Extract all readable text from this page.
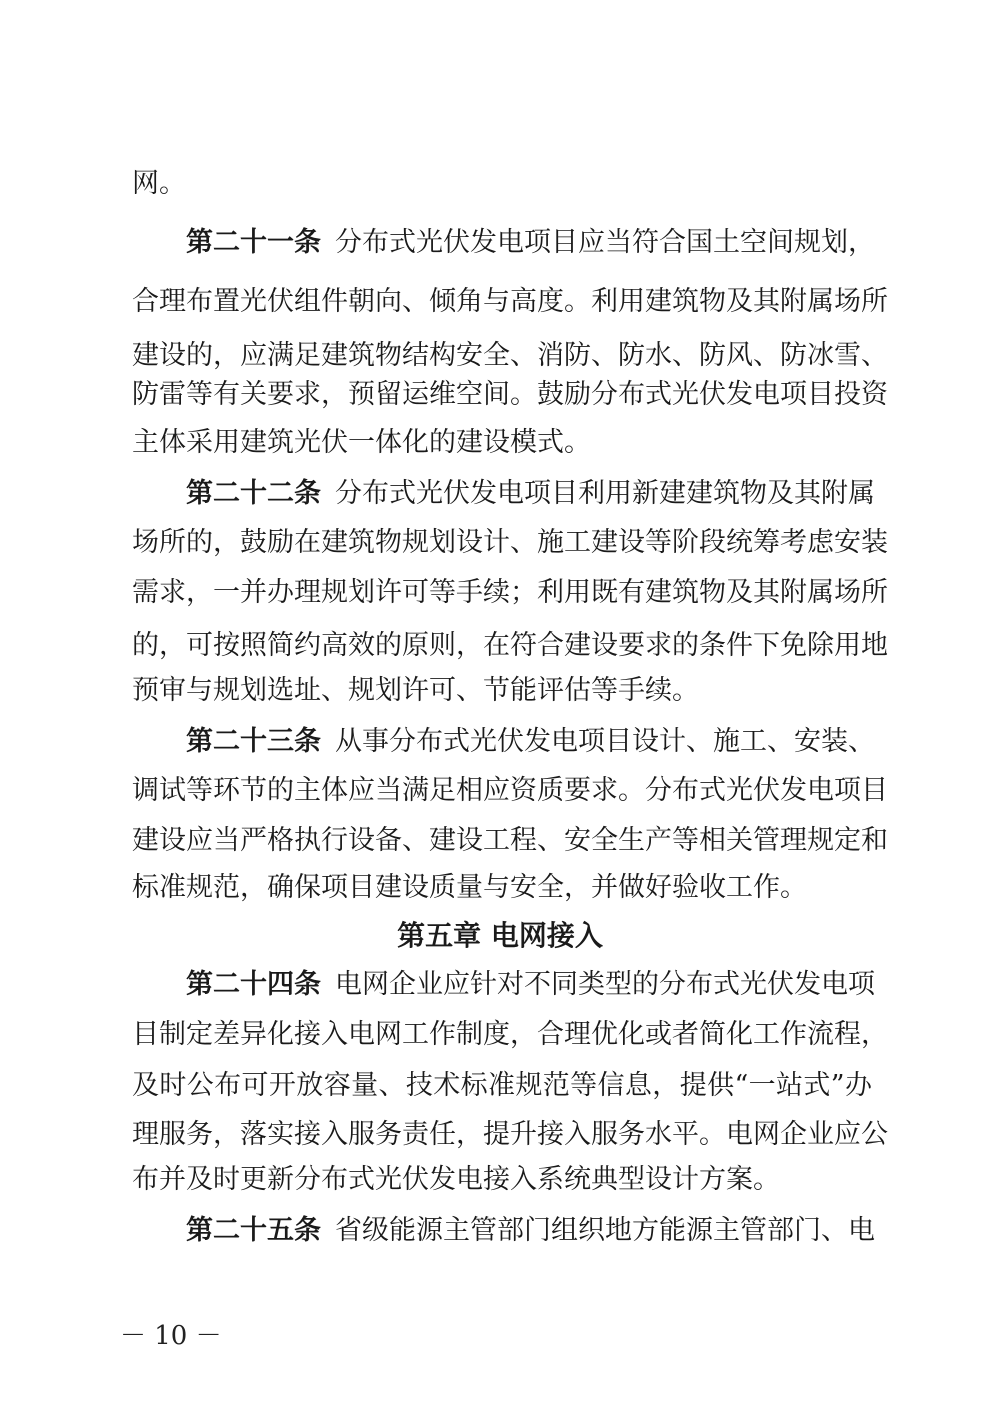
网。
第二十一条 分布式光伏发电项目应当符合国土空间规划，
合理布置光伏组件朝向、倾角与高度。利用建筑物及其附属场所
建设的，应满足建筑物结构安全、消防、防水、防风、防冰雪、
防雷等有关要求，预留运维空间。鼓励分布式光伏发电项目投资
主体采用建筑光伏一体化的建设模式。
第二十二条 分布式光伏发电项目利用新建建筑物及其附属
场所的，鼓励在建筑物规划设计、施工建设等阶段统筹考虑安装
需求，一并办理规划许可等手续；利用既有建筑物及其附属场所
的，可按照简约高效的原则，在符合建设要求的条件下免除用地
预审与规划选址、规划许可、节能评估等手续。
第二十三条 从事分布式光伏发电项目设计、施工、安装、
调试等环节的主体应当满足相应资质要求。分布式光伏发电项目
建设应当严格执行设备、建设工程、安全生产等相关管理规定和
标准规范，确保项目建设质量与安全，并做好验收工作。
第五章 电网接入
第二十四条 电网企业应针对不同类型的分布式光伏发电项
目制定差异化接入电网工作制度，合理优化或者简化工作流程，
及时公布可开放容量、技术标准规范等信息，提供“一站式”办
理服务，落实接入服务责任，提升接入服务水平。电网企业应公
布并及时更新分布式光伏发电接入系统典型设计方案。
第二十五条 省级能源主管部门组织地方能源主管部门、电
－ 10 －
